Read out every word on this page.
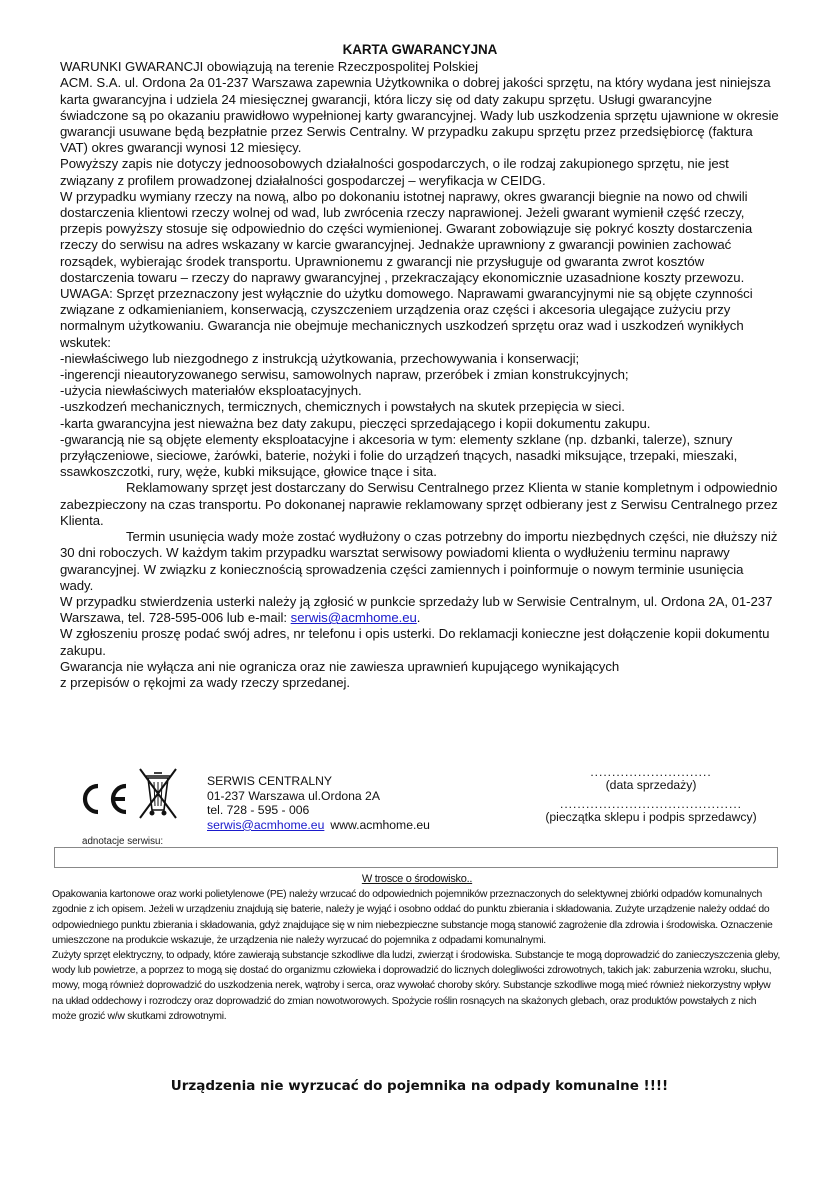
KARTA GWARANCYJNA

WARUNKI GWARANCJI obowiązują na terenie Rzeczpospolitej Polskiej

ACM. S.A. ul. Ordona 2a 01-237 Warszawa zapewnia Użytkownika o dobrej jakości sprzętu, na który wydana jest niniejsza karta gwarancyjna i udziela 24 miesięcznej gwarancji, która liczy się od daty zakupu sprzętu. Usługi gwarancyjne świadczone są po okazaniu prawidłowo wypełnionej karty gwarancyjnej. Wady lub uszkodzenia sprzętu ujawnione w okresie gwarancji usuwane będą bezpłatnie przez Serwis Centralny. W przypadku zakupu sprzętu przez przedsiębiorcę (faktura VAT) okres gwarancji wynosi 12 miesięcy.

Powyższy zapis nie dotyczy jednoosobowych działalności gospodarczych, o ile rodzaj zakupionego sprzętu, nie jest związany z profilem prowadzonej działalności gospodarczej – weryfikacja w CEIDG.

W przypadku wymiany rzeczy na nową, albo po dokonaniu istotnej naprawy, okres gwarancji biegnie na nowo od chwili dostarczenia klientowi rzeczy wolnej od wad, lub zwrócenia rzeczy naprawionej. Jeżeli gwarant wymienił część rzeczy, przepis powyższy stosuje się odpowiednio do części wymienionej. Gwarant zobowiązuje się pokryć koszty dostarczenia rzeczy do serwisu na adres wskazany w karcie gwarancyjnej. Jednakże uprawniony z gwarancji powinien zachować rozsądek, wybierając środek transportu. Uprawnionemu z gwarancji nie przysługuje od gwaranta zwrot kosztów dostarczenia towaru – rzeczy do naprawy gwarancyjnej , przekraczający ekonomicznie uzasadnione koszty przewozu.

UWAGA: Sprzęt przeznaczony jest wyłącznie do użytku domowego. Naprawami gwarancyjnymi nie są objęte czynności związane z odkamienianiem, konserwacją, czyszczeniem urządzenia oraz części i akcesoria ulegające zużyciu przy normalnym użytkowaniu. Gwarancja nie obejmuje mechanicznych uszkodzeń sprzętu oraz wad i uszkodzeń wynikłych wskutek:

-niewłaściwego lub niezgodnego z instrukcją użytkowania, przechowywania i konserwacji;

-ingerencji nieautoryzowanego serwisu, samowolnych napraw, przeróbek i zmian konstrukcyjnych;

-użycia niewłaściwych materiałów eksploatacyjnych.

-uszkodzeń mechanicznych, termicznych, chemicznych i powstałych na skutek przepięcia w sieci.

-karta gwarancyjna jest nieważna bez daty zakupu, pieczęci sprzedającego i kopii dokumentu zakupu.

-gwarancją nie są objęte elementy eksploatacyjne i akcesoria w tym: elementy szklane (np. dzbanki, talerze), sznury przyłączeniowe, sieciowe, żarówki, baterie, nożyki i folie do urządzeń tnących, nasadki miksujące, trzepaki, mieszaki, ssawkoszczotki, rury, węże, kubki miksujące, głowice tnące i sita.

Reklamowany sprzęt jest dostarczany do Serwisu Centralnego przez Klienta w stanie kompletnym i odpowiednio zabezpieczony na czas transportu. Po dokonanej naprawie reklamowany sprzęt odbierany jest z Serwisu Centralnego przez Klienta.

Termin usunięcia wady może zostać wydłużony o czas potrzebny do importu niezbędnych części, nie dłuższy niż 30 dni roboczych. W każdym takim przypadku warsztat serwisowy powiadomi klienta o wydłużeniu terminu naprawy gwarancyjnej. W związku z koniecznością sprowadzenia części zamiennych i poinformuje o nowym terminie usunięcia wady.

W przypadku stwierdzenia usterki należy ją zgłosić w punkcie sprzedaży lub w Serwisie Centralnym, ul. Ordona 2A, 01-237 Warszawa, tel. 728-595-006 lub e-mail: serwis@acmhome.eu.

W zgłoszeniu proszę podać swój adres, nr telefonu i opis usterki. Do reklamacji konieczne jest dołączenie kopii dokumentu zakupu.

Gwarancja nie wyłącza ani nie ogranicza oraz nie zawiesza uprawnień kupującego wynikających

z przepisów o rękojmi za wady rzeczy sprzedanej.

adnotacje serwisu:
SERWIS CENTRALNY
01-237 Warszawa ul.Ordona 2A
tel. 728 - 595 - 006
serwis@acmhome.eu www.acmhome.eu
............................
(data sprzedaży)
..........................................
(pieczątka sklepu i podpis sprzedawcy)
W trosce o środowisko..

Opakowania kartonowe oraz worki polietylenowe (PE) należy wrzucać do odpowiednich pojemników przeznaczonych do selektywnej zbiórki odpadów komunalnych zgodnie z ich opisem. Jeżeli w urządzeniu znajdują się baterie, należy je wyjąć i osobno oddać do punktu zbierania i składowania. Zużyte urządzenie należy oddać do odpowiedniego punktu zbierania i składowania, gdyż znajdujące się w nim niebezpieczne substancje mogą stanowić zagrożenie dla zdrowia i środowiska. Oznaczenie umieszczone na produkcie wskazuje, że urządzenia nie należy wyrzucać do pojemnika z odpadami komunalnymi.

Zużyty sprzęt elektryczny, to odpady, które zawierają substancje szkodliwe dla ludzi, zwierząt i środowiska. Substancje te mogą doprowadzić do zanieczyszczenia gleby, wody lub powietrze, a poprzez to mogą się dostać do organizmu człowieka i doprowadzić do licznych dolegliwości zdrowotnych, takich jak: zaburzenia wzroku, słuchu, mowy, mogą również doprowadzić do uszkodzenia nerek, wątroby i serca, oraz wywołać choroby skóry. Substancje szkodliwe mogą mieć również niekorzystny wpływ na układ oddechowy i rozrodczy oraz doprowadzić do zmian nowotworowych. Spożycie roślin rosnących na skażonych glebach, oraz produktów powstałych z nich może grozić w/w skutkami zdrowotnymi.

Urządzenia nie wyrzucać do pojemnika na odpady komunalne !!!!
